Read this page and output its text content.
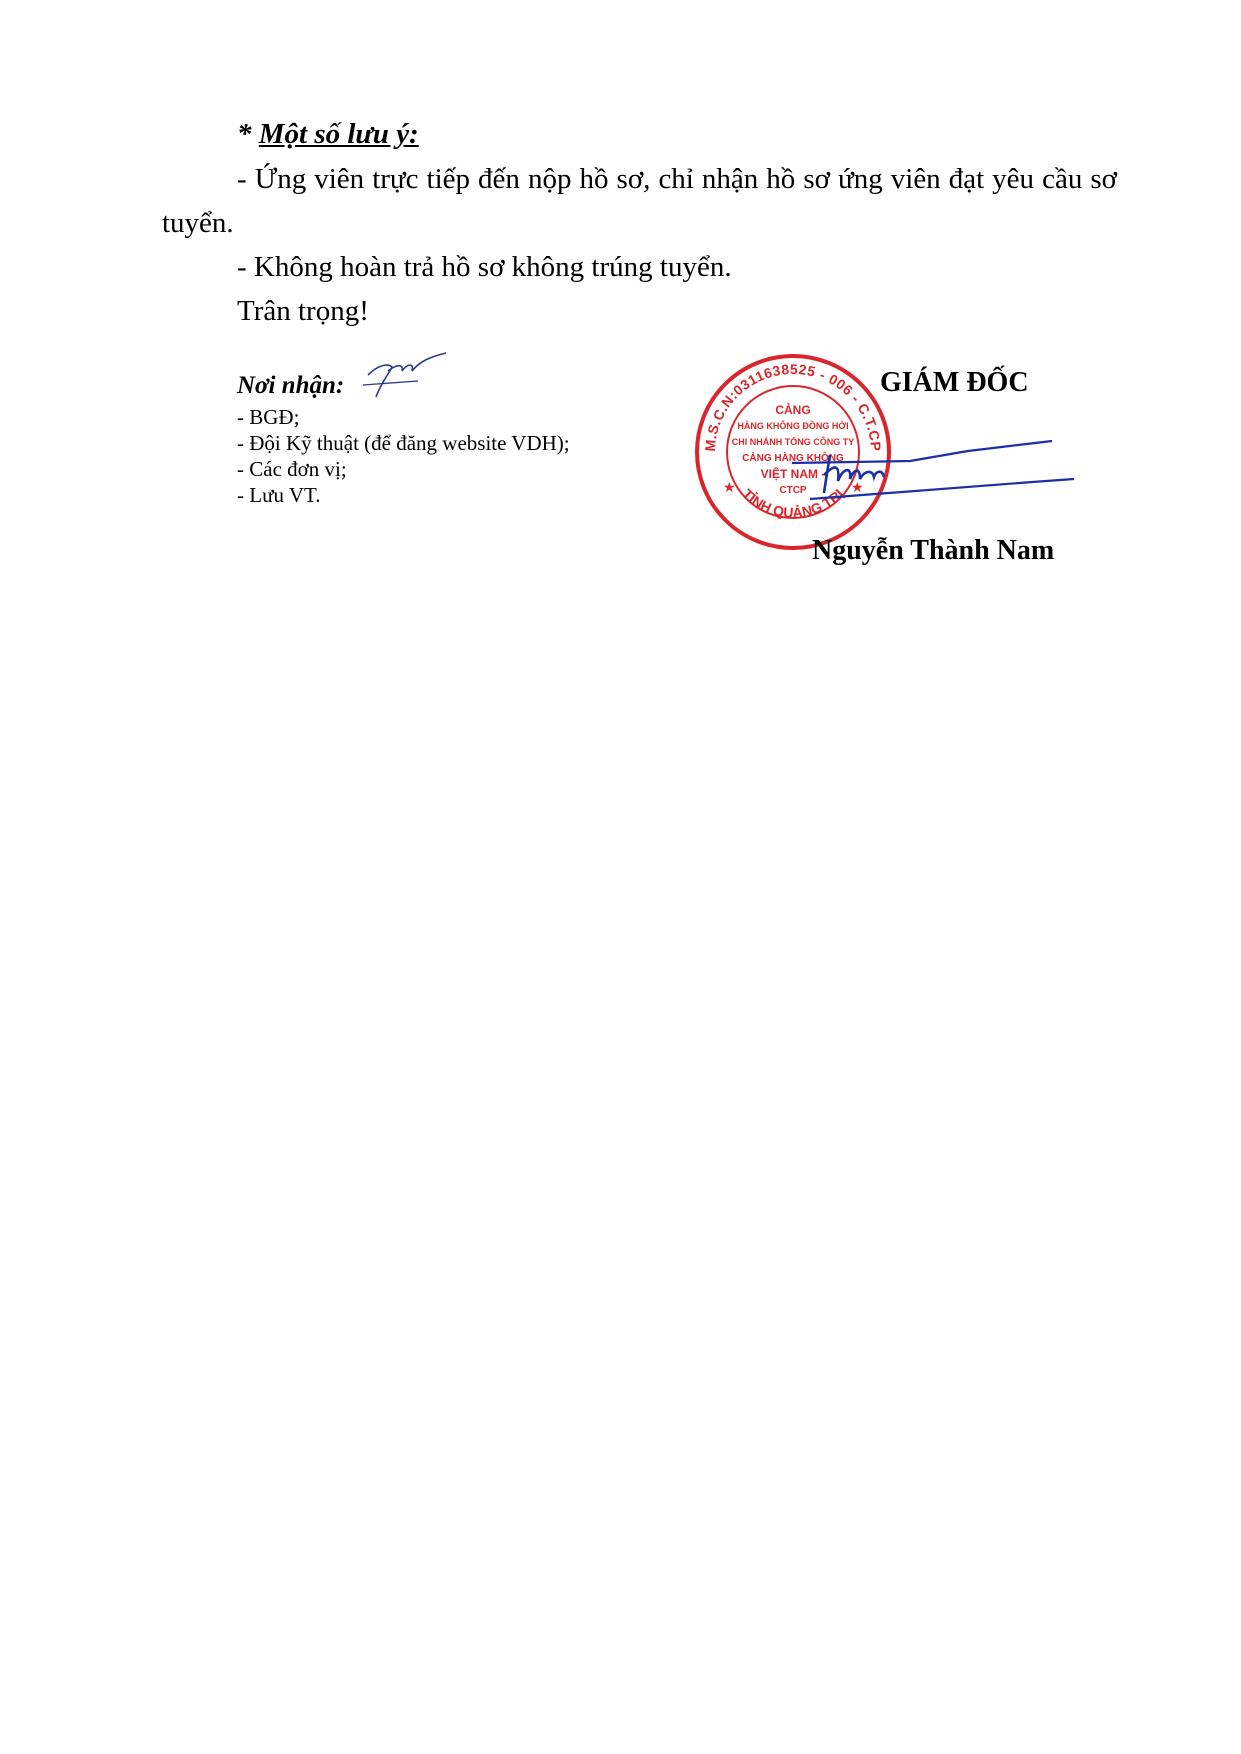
* Một số lưu ý:
- Ứng viên trực tiếp đến nộp hồ sơ, chỉ nhận hồ sơ ứng viên đạt yêu cầu sơ
tuyển.
- Không hoàn trả hồ sơ không trúng tuyển.
Trân trọng!
Nơi nhận:
- BGĐ;
- Đội Kỹ thuật (để đăng website VDH);
- Các đơn vị;
- Lưu VT.
GIÁM ĐỐC
M.S.C.N:0311638525 - 006 - C.T.CP
TỈNH QUẢNG TRỊ
★	★
CẢNG
HÀNG KHÔNG ĐỒNG HỚI
CHI NHÁNH TỔNG CÔNG TY
CẢNG HÀNG KHÔNG
VIỆT NAM -
CTCP
Nguyễn Thành Nam
